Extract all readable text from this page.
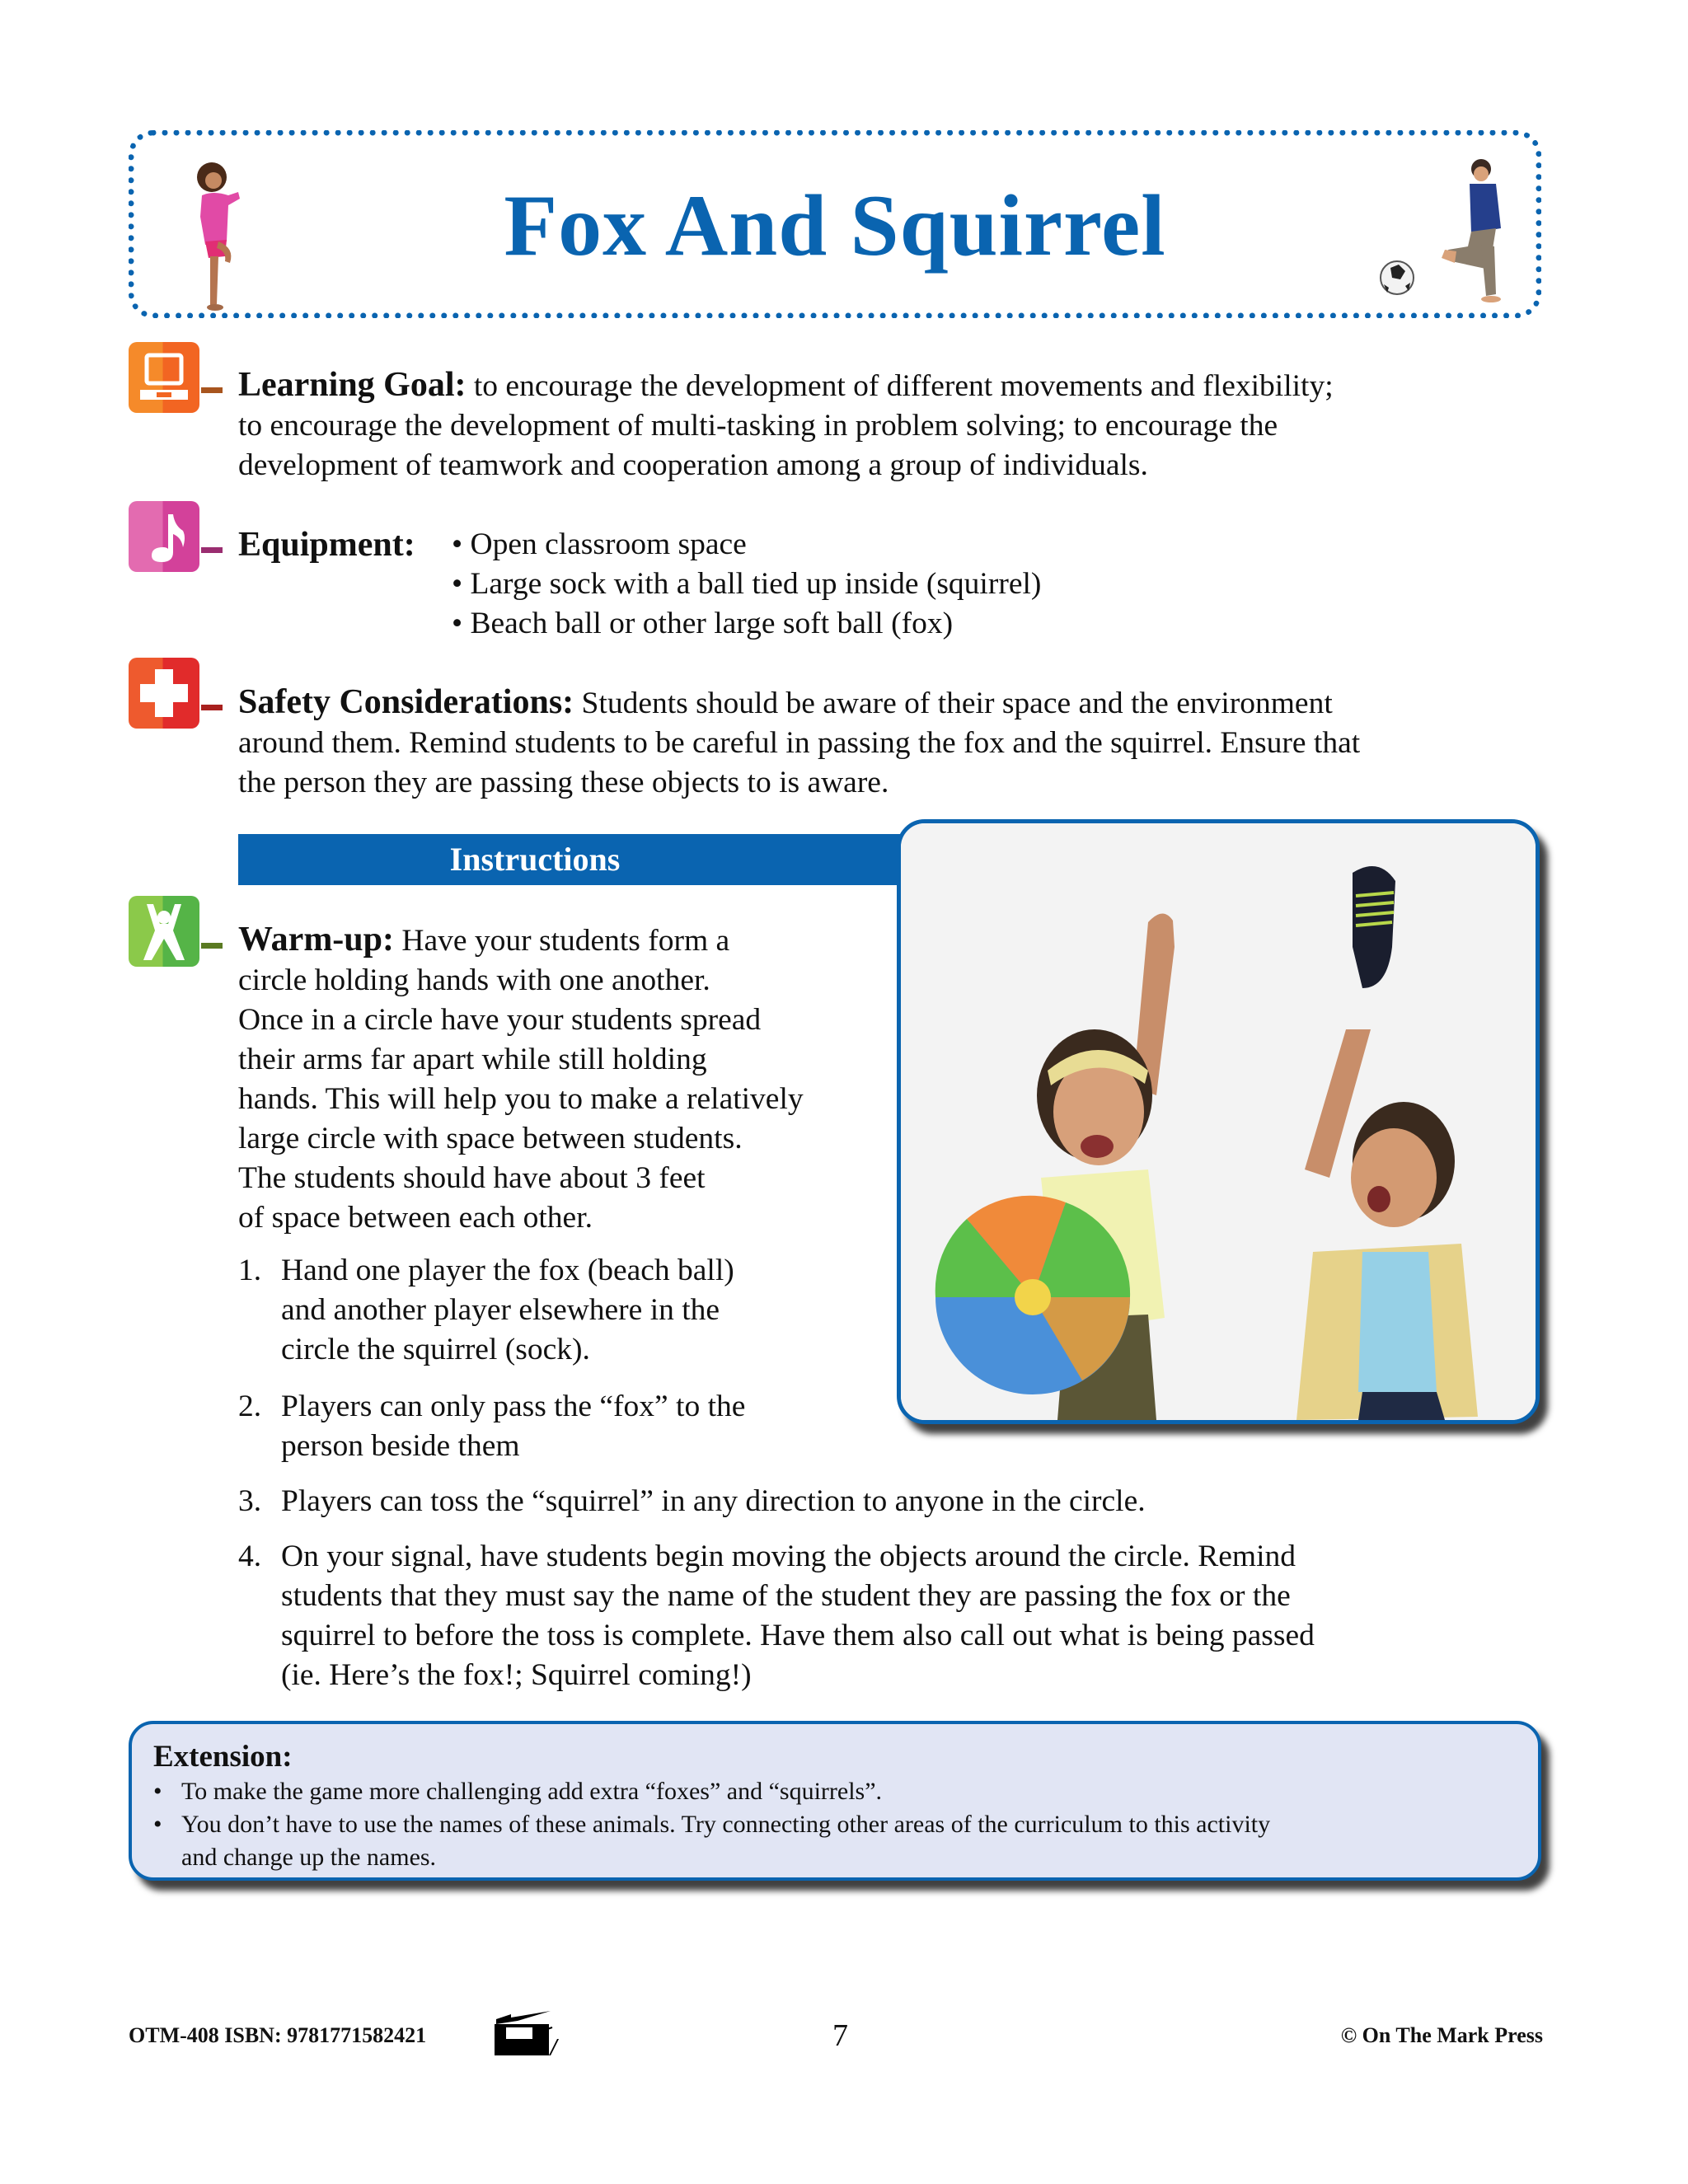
Fox And Squirrel
Learning Goal: to encourage the development of different movements and flexibility;
to encourage the development of multi-tasking in problem solving; to encourage the
development of teamwork and cooperation among a group of individuals.
Equipment:	• Open classroom space
• Large sock with a ball tied up inside (squirrel)
• Beach ball or other large soft ball (fox)
Safety Considerations: Students should be aware of their space and the environment
around them. Remind students to be careful in passing the fox and the squirrel. Ensure that
the person they are passing these objects to is aware.
Instructions
Warm-up: Have your students form a
circle holding hands with one another.
Once in a circle have your students spread
their arms far apart while still holding
hands. This will help you to make a relatively
large circle with space between students.
The students should have about 3 feet
of space between each other.
1. Hand one player the fox (beach ball)
and another player elsewhere in the
circle the squirrel (sock).
2. Players can only pass the “fox” to the
person beside them
3. Players can toss the “squirrel” in any direction to anyone in the circle.
4. On your signal, have students begin moving the objects around the circle. Remind
students that they must say the name of the student they are passing the fox or the
squirrel to before the toss is complete. Have them also call out what is being passed
(ie. Here’s the fox!; Squirrel coming!)
Extension:
• To make the game more challenging add extra “foxes” and “squirrels”.
• You don’t have to use the names of these animals. Try connecting other areas of the curriculum to this activity
and change up the names.
OTM-408 ISBN: 9781771582421	7	© On The Mark Press
